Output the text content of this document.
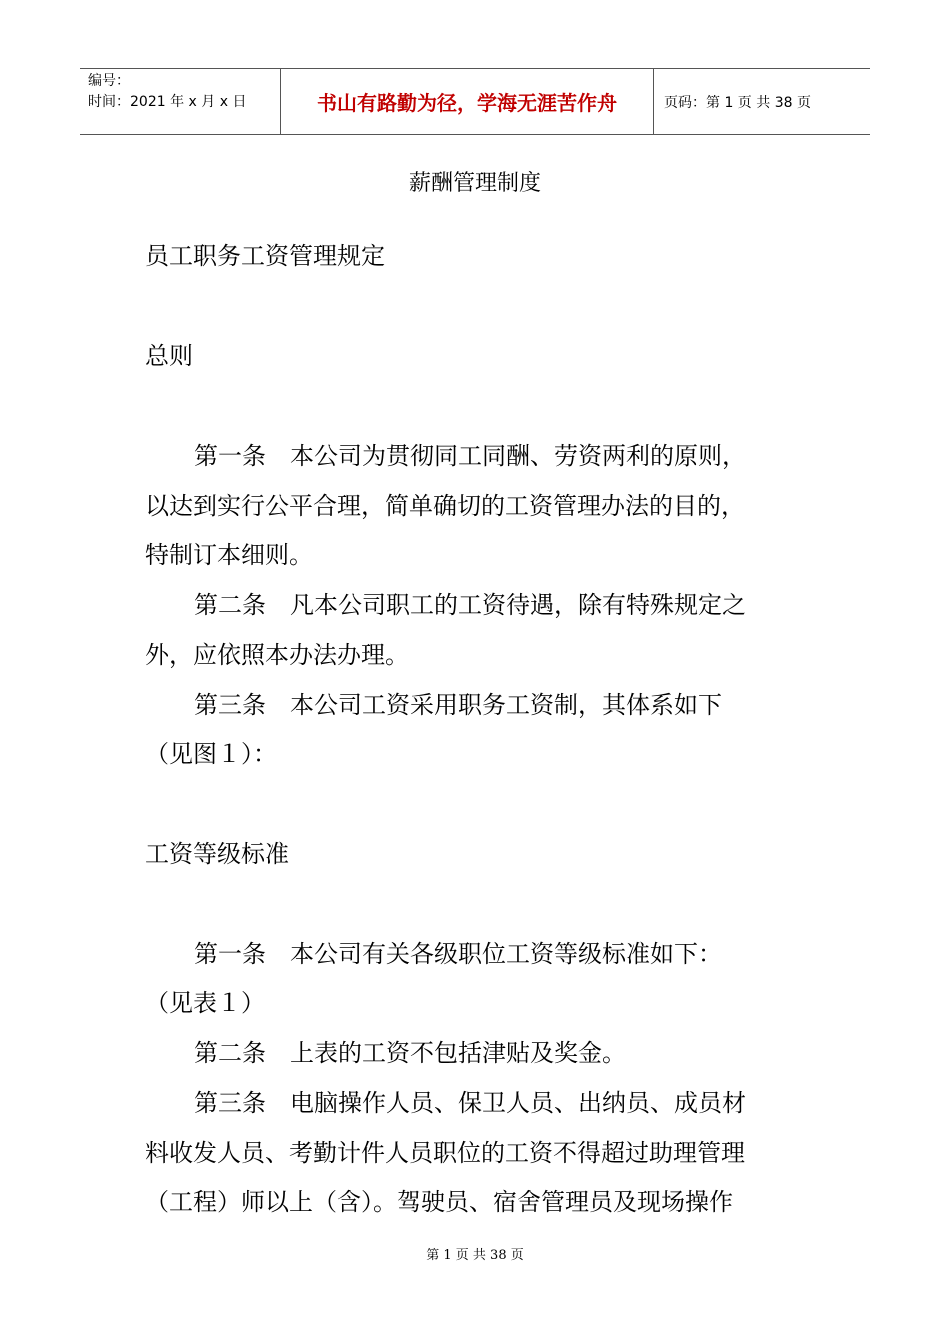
编号：
时间：2021 年 x 月 x 日	书山有路勤为径，学海无涯苦作舟	页码：第 1 页 共 38 页
薪酬管理制度
员工职务工资管理规定
总则
第一条　本公司为贯彻同工同酬、劳资两利的原则，
以达到实行公平合理，简单确切的工资管理办法的目的，
特制订本细则。
第二条　凡本公司职工的工资待遇，除有特殊规定之
外，应依照本办法办理。
第三条　本公司工资采用职务工资制，其体系如下
（见图１）：
工资等级标准
第一条　本公司有关各级职位工资等级标准如下：
（见表１）
第二条　上表的工资不包括津贴及奖金。
第三条　电脑操作人员、保卫人员、出纳员、成员材
料收发人员、考勤计件人员职位的工资不得超过助理管理
（工程）师以上（含）。驾驶员、宿舍管理员及现场操作
第 1 页 共 38 页
